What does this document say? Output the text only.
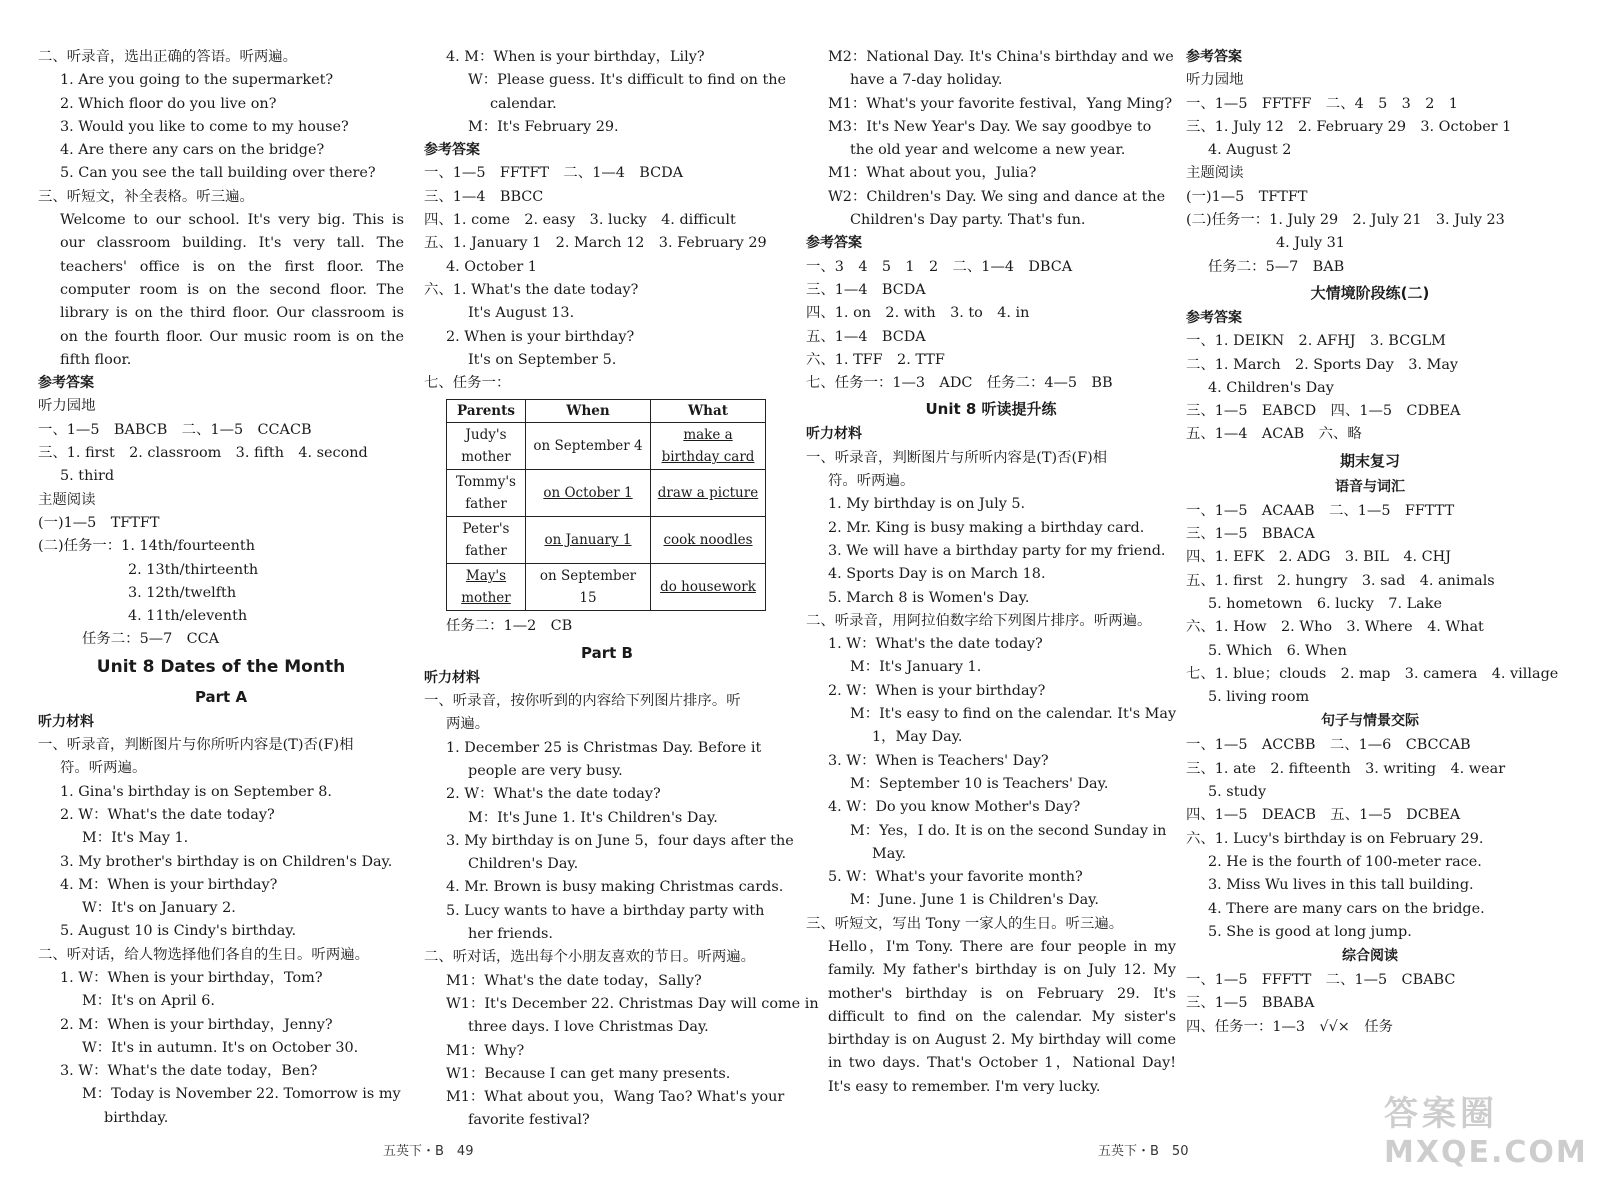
二、听录音，选出正确的答语。听两遍。
1. Are you going to the supermarket?
2. Which floor do you live on?
3. Would you like to come to my house?
4. Are there any cars on the bridge?
5. Can you see the tall building over there?
三、听短文，补全表格。听三遍。
Welcome to our school. It's very big. This is our classroom building. It's very tall. The teachers' office is on the first floor. The computer room is on the second floor. The library is on the third floor. Our classroom is on the fourth floor. Our music room is on the fifth floor.
参考答案
听力园地
一、1—5　BABCB　二、1—5　CCACB
三、1. first　2. classroom　3. fifth　4. second
5. third
主题阅读
(一)1—5　TFTFT
(二)任务一：1. 14th/fourteenth
2. 13th/thirteenth
3. 12th/twelfth
4. 11th/eleventh
任务二：5—7　CCA
Unit 8 Dates of the Month
Part A
听力材料
一、听录音，判断图片与你所听内容是(T)否(F)相
符。听两遍。
1. Gina's birthday is on September 8.
2. W：What's the date today?
M：It's May 1.
3. My brother's birthday is on Children's Day.
4. M：When is your birthday?
W：It's on January 2.
5. August 10 is Cindy's birthday.
二、听对话，给人物选择他们各自的生日。听两遍。
1. W：When is your birthday，Tom?
M：It's on April 6.
2. M：When is your birthday，Jenny?
W：It's in autumn. It's on October 30.
3. W：What's the date today，Ben?
M：Today is November 22. Tomorrow is my
birthday.
4. M：When is your birthday，Lily?
W：Please guess. It's difficult to find on the
calendar.
M：It's February 29.
参考答案
一、1—5　FFTFT　二、1—4　BCDA
三、1—4　BBCC
四、1. come　2. easy　3. lucky　4. difficult
五、1. January 1　2. March 12　3. February 29
4. October 1
六、1. What's the date today?
It's August 13.
2. When is your birthday?
It's on September 5.
七、任务一：
Parents	When	What
Judy's mother	on September 4	make a birthday card
Tommy's father	on October 1	draw a picture
Peter's father	on January 1	cook noodles
May's mother	on September 15	do housework
任务二：1—2　CB
Part B
听力材料
一、听录音，按你听到的内容给下列图片排序。听
两遍。
1. December 25 is Christmas Day. Before it
people are very busy.
2. W：What's the date today?
M：It's June 1. It's Children's Day.
3. My birthday is on June 5，four days after the
Children's Day.
4. Mr. Brown is busy making Christmas cards.
5. Lucy wants to have a birthday party with
her friends.
二、听对话，选出每个小朋友喜欢的节日。听两遍。
M1：What's the date today，Sally?
W1：It's December 22. Christmas Day will come in
three days. I love Christmas Day.
M1：Why?
W1：Because I can get many presents.
M1：What about you，Wang Tao? What's your
favorite festival?
M2：National Day. It's China's birthday and we
have a 7-day holiday.
M1：What's your favorite festival，Yang Ming?
M3：It's New Year's Day. We say goodbye to
the old year and welcome a new year.
M1：What about you，Julia?
W2：Children's Day. We sing and dance at the
Children's Day party. That's fun.
参考答案
一、3　4　5　1　2　二、1—4　DBCA
三、1—4　BCDA
四、1. on　2. with　3. to　4. in
五、1—4　BCDA
六、1. TFF　2. TTF
七、任务一：1—3　ADC　任务二：4—5　BB
Unit 8 听读提升练
听力材料
一、听录音，判断图片与所听内容是(T)否(F)相
符。听两遍。
1. My birthday is on July 5.
2. Mr. King is busy making a birthday card.
3. We will have a birthday party for my friend.
4. Sports Day is on March 18.
5. March 8 is Women's Day.
二、听录音，用阿拉伯数字给下列图片排序。听两遍。
1. W：What's the date today?
M：It's January 1.
2. W：When is your birthday?
M：It's easy to find on the calendar. It's May
1，May Day.
3. W：When is Teachers' Day?
M：September 10 is Teachers' Day.
4. W：Do you know Mother's Day?
M：Yes，I do. It is on the second Sunday in
May.
5. W：What's your favorite month?
M：June. June 1 is Children's Day.
三、听短文，写出 Tony 一家人的生日。听三遍。
Hello，I'm Tony. There are four people in my family. My father's birthday is on July 12. My mother's birthday is on February 29. It's difficult to find on the calendar. My sister's birthday is on August 2. My birthday will come in two days. That's October 1，National Day! It's easy to remember. I'm very lucky.
参考答案
听力园地
一、1—5　FFTFF　二、4　5　3　2　1
三、1. July 12　2. February 29　3. October 1
4. August 2
主题阅读
(一)1—5　TFTFT
(二)任务一：1. July 29　2. July 21　3. July 23
4. July 31
任务二：5—7　BAB
大情境阶段练(二)
参考答案
一、1. DEIKN　2. AFHJ　3. BCGLM
二、1. March　2. Sports Day　3. May
4. Children's Day
三、1—5　EABCD　四、1—5　CDBEA
五、1—4　ACAB　六、略
期末复习
语音与词汇
一、1—5　ACAAB　二、1—5　FFTTT
三、1—5　BBACA
四、1. EFK　2. ADG　3. BIL　4. CHJ
五、1. first　2. hungry　3. sad　4. animals
5. hometown　6. lucky　7. Lake
六、1. How　2. Who　3. Where　4. What
5. Which　6. When
七、1. blue；clouds　2. map　3. camera　4. village
5. living room
句子与情景交际
一、1—5　ACCBB　二、1—6　CBCCAB
三、1. ate　2. fifteenth　3. writing　4. wear
5. study
四、1—5　DEACB　五、1—5　DCBEA
六、1. Lucy's birthday is on February 29.
2. He is the fourth of 100-meter race.
3. Miss Wu lives in this tall building.
4. There are many cars on the bridge.
5. She is good at long jump.
综合阅读
一、1—5　FFFTT　二、1—5　CBABC
三、1—5　BBABA
四、任务一：1—3　√√×　任务
五英下・B　49	五英下・B　50
答案圈
MXQE.COM
